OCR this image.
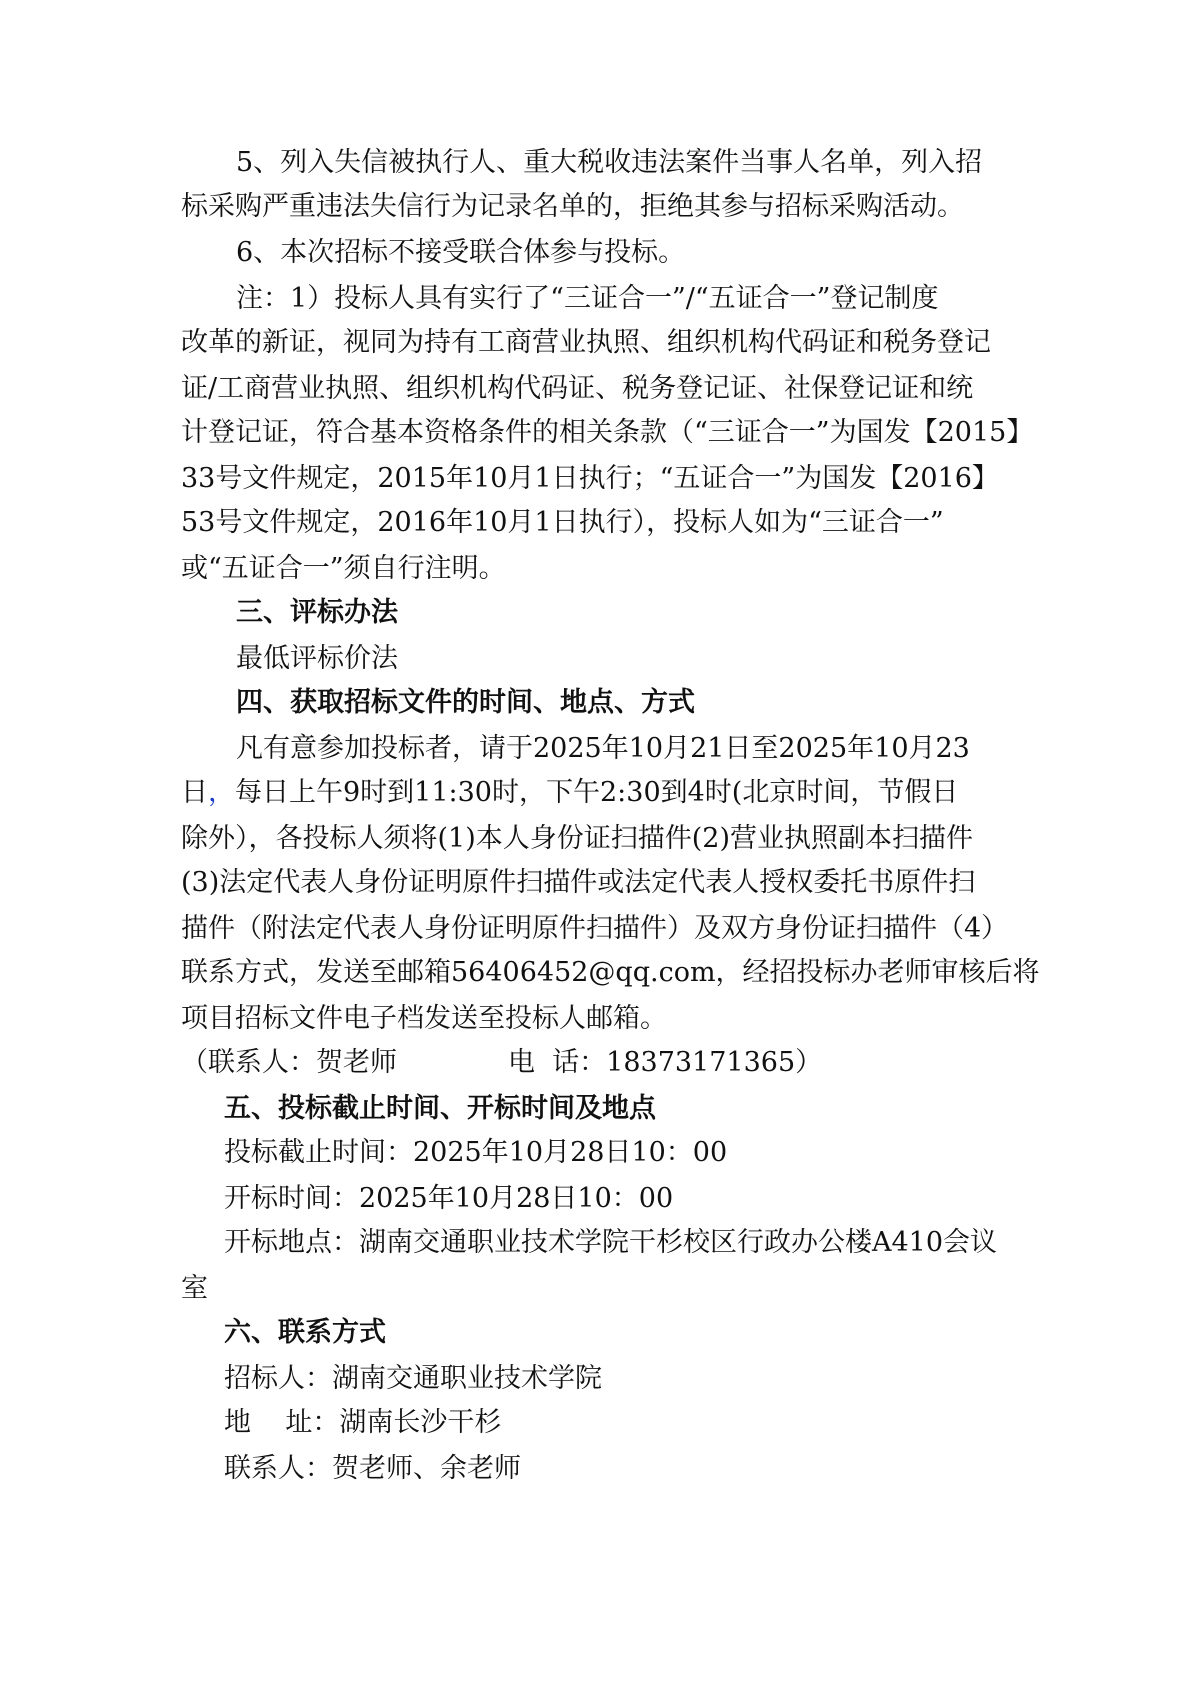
5、列入失信被执行人、重大税收违法案件当事人名单，列入招
标采购严重违法失信行为记录名单的，拒绝其参与招标采购活动。
6、本次招标不接受联合体参与投标。
注：1）投标人具有实行了“三证合一”/“五证合一”登记制度
改革的新证，视同为持有工商营业执照、组织机构代码证和税务登记
证/工商营业执照、组织机构代码证、税务登记证、社保登记证和统
计登记证，符合基本资格条件的相关条款（“三证合一”为国发【2015】
33号文件规定，2015年10月1日执行；“五证合一”为国发【2016】
53号文件规定，2016年10月1日执行），投标人如为“三证合一”
或“五证合一”须自行注明。
三、评标办法
最低评标价法
四、获取招标文件的时间、地点、方式
凡有意参加投标者，请于2025年10月21日至2025年10月23
日，每日上午9时到11:30时，下午2:30到4时(北京时间，节假日
除外），各投标人须将(1)本人身份证扫描件(2)营业执照副本扫描件
(3)法定代表人身份证明原件扫描件或法定代表人授权委托书原件扫
描件（附法定代表人身份证明原件扫描件）及双方身份证扫描件（4）
联系方式，发送至邮箱56406452@qq.com，经招投标办老师审核后将
项目招标文件电子档发送至投标人邮箱。
（联系人：贺老师	电  话：18373171365）
五、投标截止时间、开标时间及地点
投标截止时间：2025年10月28日10：00
开标时间：2025年10月28日10：00
开标地点：湖南交通职业技术学院干杉校区行政办公楼A410会议
室
六、联系方式
招标人：湖南交通职业技术学院
地    址：湖南长沙干杉
联系人：贺老师、余老师
